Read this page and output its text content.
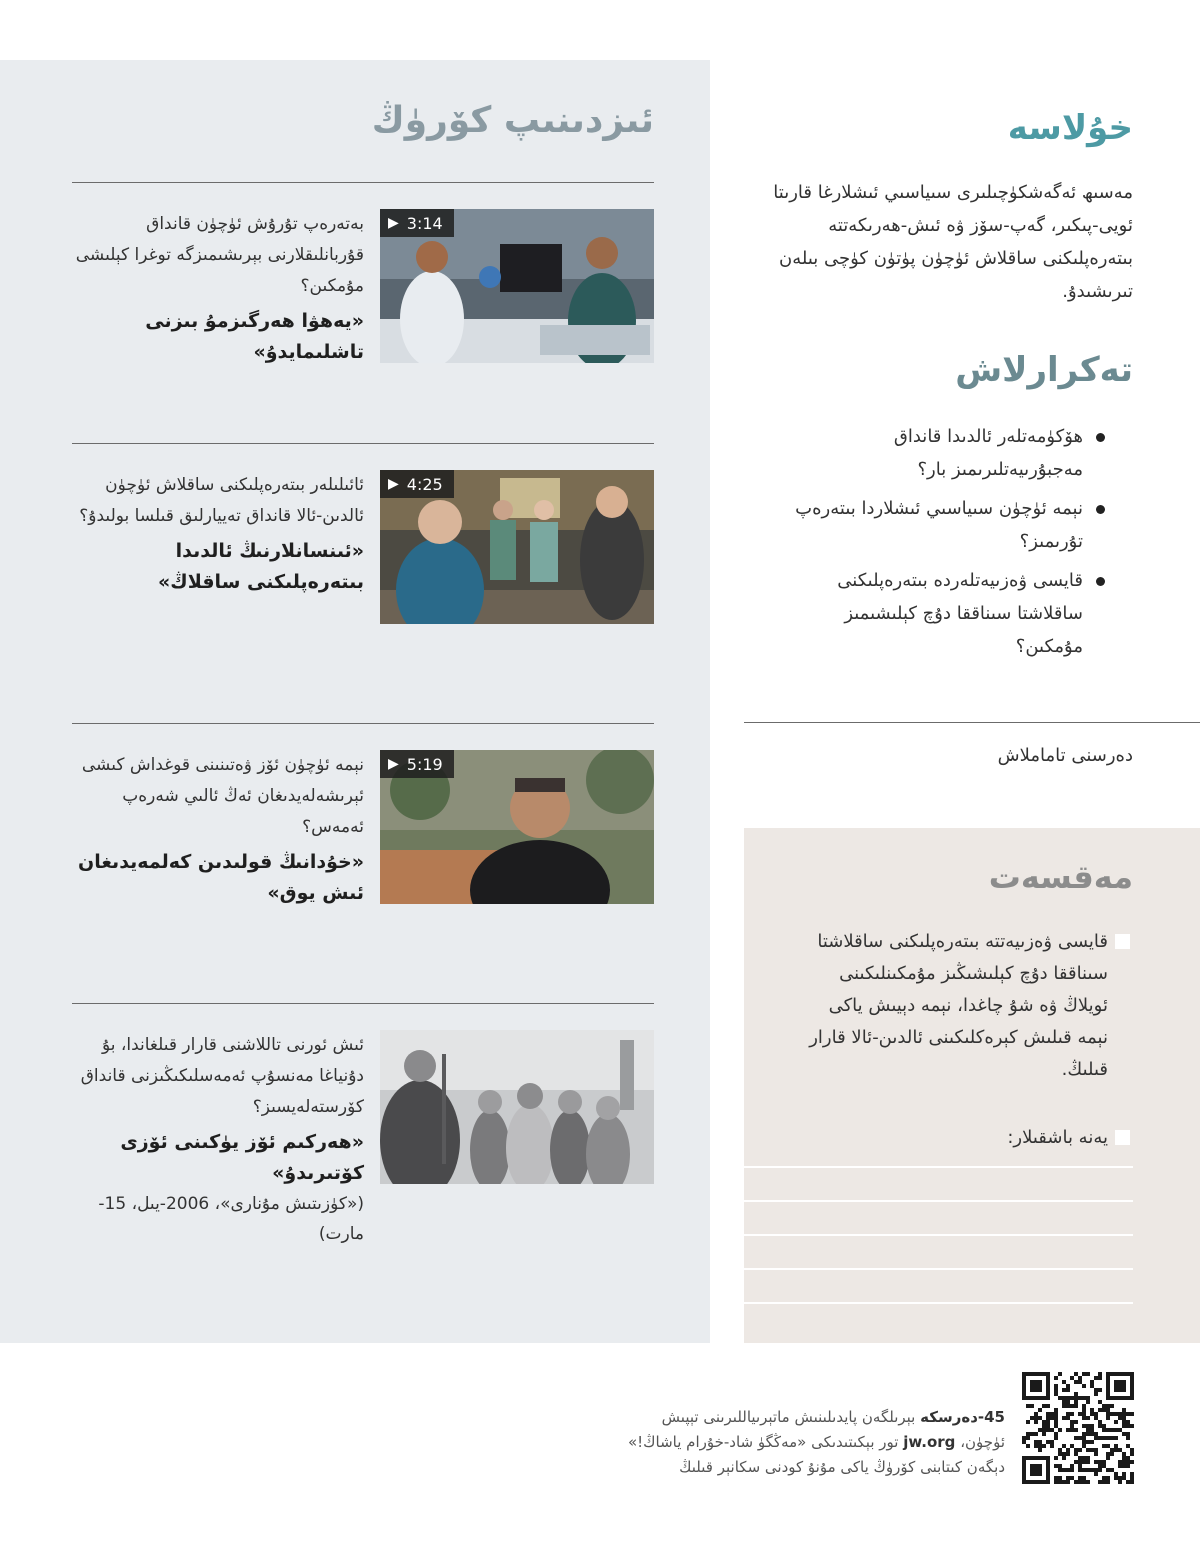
ئىزدىنىپ كۆرۈڭ
▶ 3:14
بەتەرەپ تۇرۇش ئۈچۈن قانداق قۇربانلىقلارنى بېرىشىمىزگە توغرا كېلىشى مۇمكىن؟
«يەھۋا ھەرگىزمۇ بىزنى تاشلىمايدۇ»
▶ 4:25
ئائىلىلەر بىتەرەپلىكنى ساقلاش ئۈچۈن ئالدىن-ئالا قانداق تەييارلىق قىلسا بولىدۇ؟
«ئىنسانلارنىڭ ئالدىدا بىتەرەپلىكنى ساقلاڭ»
▶ 5:19
نېمە ئۈچۈن ئۆز ۋەتىنىنى قوغداش كىشى ئېرىشەلەيدىغان ئەڭ ئالىي شەرەپ ئەمەس؟
«خۇدانىڭ قولىدىن كەلمەيدىغان ئىش يوق»
ئىش ئورنى تاللاشنى قارار قىلغاندا، بۇ دۇنياغا مەنسۇپ ئەمەسلىكىڭىزنى قانداق كۆرستەلەيسىز؟
«ھەركىم ئۆز يۈكىنى ئۆزى كۆتىرىدۇ»
(«كۈزىتىش مۇنارى»، 2006-يىل، 15-مارت)
خۇلاسە
مەسىھ ئەگەشكۈچىلىرى سىياسىي ئىشلارغا قارىتا ئويى-پىكىر، گەپ-سۆز ۋە ئىش-ھەرىكەتتە بىتەرەپلىكنى ساقلاش ئۈچۈن پۈتۈن كۈچى بىلەن تىرىشىدۇ.
تەكرارلاش
ھۆكۈمەتلەر ئالدىدا قانداق مەجبۇرىيەتلىرىمىز بار؟
نېمە ئۈچۈن سىياسىي ئىشلاردا بىتەرەپ تۇرىمىز؟
قايسى ۋەزىيەتلەردە بىتەرەپلىكنى ساقلاشتا سىناققا دۇچ كېلىشىمىز مۇمكىن؟
دەرسنى تاماملاش
مەقسەت
قايسى ۋەزىيەتتە بىتەرەپلىكنى ساقلاشتا سىناققا دۇچ كېلىشىڭىز مۇمكىنلىكىنى ئويلاڭ ۋە شۇ چاغدا، نېمە دېيىش ياكى نېمە قىلىش كېرەكلىكىنى ئالدىن-ئالا قارار قىلىڭ.
يەنە باشقىلار:
45-دەرسكە بېرىلگەن پايدىلىنىش ماتېرىياللىرىنى تېپىش
ئۈچۈن، jw.org تور بېكىتىدىكى «مەڭگۈ شاد-خۇرام ياشاڭ!»
دېگەن كىتابنى كۆرۈڭ ياكى مۇنۇ كودنى سكانېر قىلىڭ
